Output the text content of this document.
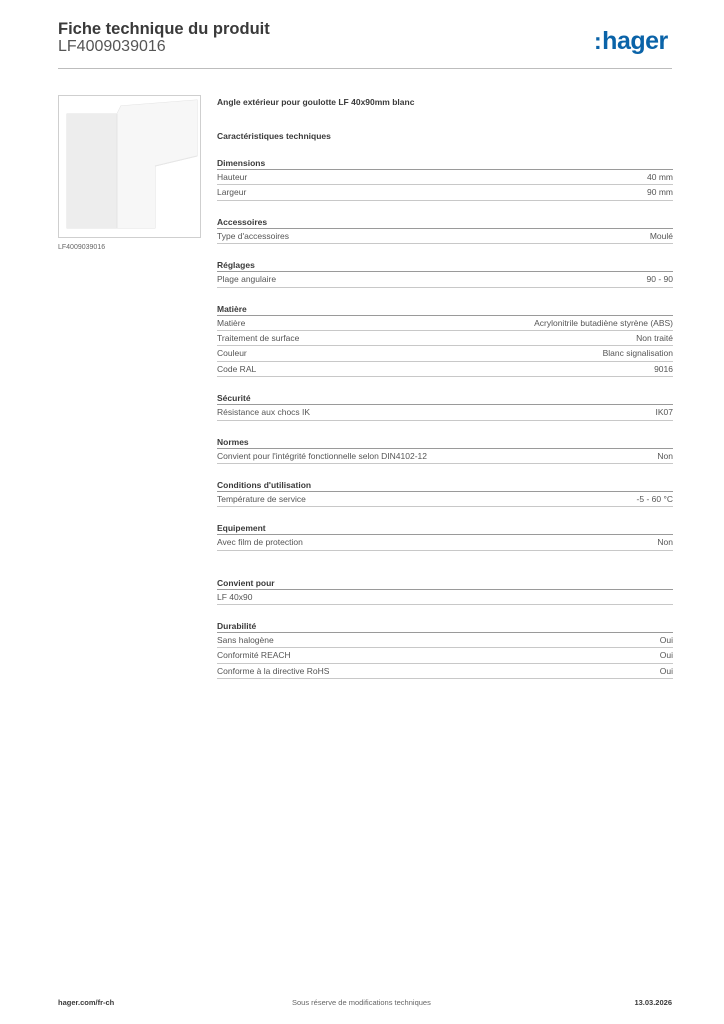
Fiche technique du produit
LF4009039016	:hager
LF4009039016
Angle extérieur pour goulotte LF 40x90mm blanc
Caractéristiques techniques
Dimensions
Hauteur	40 mm
Largeur	90 mm
Accessoires
Type d'accessoires	Moulé
Réglages
Plage angulaire	90 - 90
Matière
Matière	Acrylonitrile butadiène styrène (ABS)
Traitement de surface	Non traité
Couleur	Blanc signalisation
Code RAL	9016
Sécurité
Résistance aux chocs IK	IK07
Normes
Convient pour l'intégrité fonctionnelle selon DIN4102-12	Non
Conditions d'utilisation
Température de service	-5 - 60 °C
Equipement
Avec film de protection	Non
Convient pour
LF 40x90
Durabilité
Sans halogène	Oui
Conformité REACH	Oui
Conforme à la directive RoHS	Oui
hager.com/fr-ch	Sous réserve de modifications techniques	13.03.2026
